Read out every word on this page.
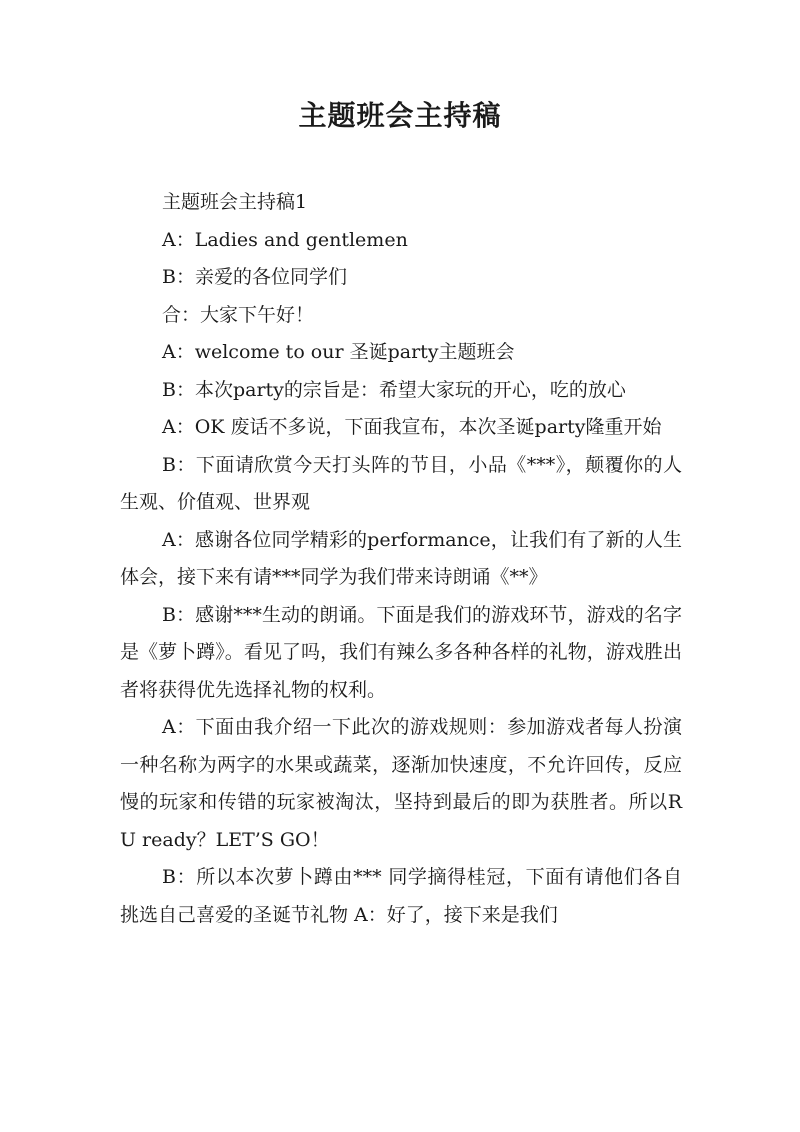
主题班会主持稿

主题班会主持稿1

A：Ladies and gentlemen

B：亲爱的各位同学们

合：大家下午好！

A：welcome to our 圣诞party主题班会

B：本次party的宗旨是：希望大家玩的开心，吃的放心

A：OK 废话不多说，下面我宣布，本次圣诞party隆重开始

B：下面请欣赏今天打头阵的节目，小品《***》，颠覆你的人生观、价值观、世界观

A：感谢各位同学精彩的performance，让我们有了新的人生体会，接下来有请***同学为我们带来诗朗诵《**》

B：感谢***生动的朗诵。下面是我们的游戏环节，游戏的名字是《萝卜蹲》。看见了吗，我们有辣么多各种各样的礼物，游戏胜出者将获得优先选择礼物的权利。

A：下面由我介绍一下此次的游戏规则：参加游戏者每人扮演一种名称为两字的水果或蔬菜，逐渐加快速度，不允许回传，反应慢的玩家和传错的玩家被淘汰，坚持到最后的即为获胜者。所以R U ready？LET’S GO！

B：所以本次萝卜蹲由*** 同学摘得桂冠，下面有请他们各自挑选自己喜爱的圣诞节礼物 A：好了，接下来是我们
